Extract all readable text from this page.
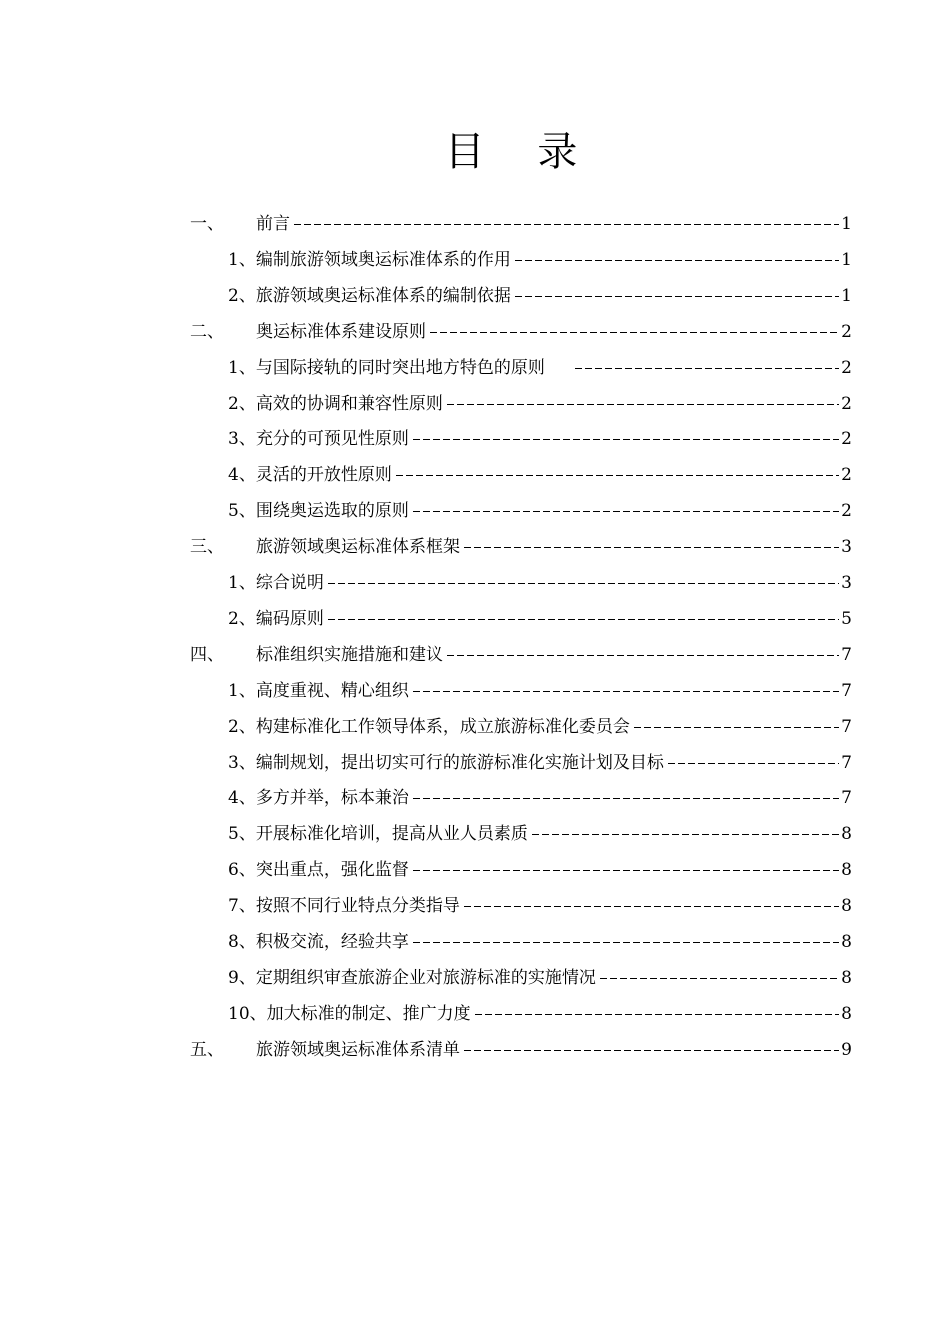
目 录
一、	前言	1
1、 编制旅游领域奥运标准体系的作用	1
2、 旅游领域奥运标准体系的编制依据	1
二、	奥运标准体系建设原则	2
1、 与国际接轨的同时突出地方特色的原则	2
2、 高效的协调和兼容性原则	2
3、 充分的可预见性原则	2
4、 灵活的开放性原则	2
5、 围绕奥运选取的原则	2
三、	旅游领域奥运标准体系框架	3
1、 综合说明	3
2、 编码原则	5
四、	标准组织实施措施和建议	7
1、 高度重视、精心组织	7
2、 构建标准化工作领导体系，成立旅游标准化委员会	7
3、 编制规划，提出切实可行的旅游标准化实施计划及目标	7
4、 多方并举，标本兼治	7
5、 开展标准化培训，提高从业人员素质	8
6、 突出重点，强化监督	8
7、 按照不同行业特点分类指导	8
8、 积极交流，经验共享	8
9、 定期组织审查旅游企业对旅游标准的实施情况	8
10、 加大标准的制定、推广力度	8
五、	旅游领域奥运标准体系清单	9
